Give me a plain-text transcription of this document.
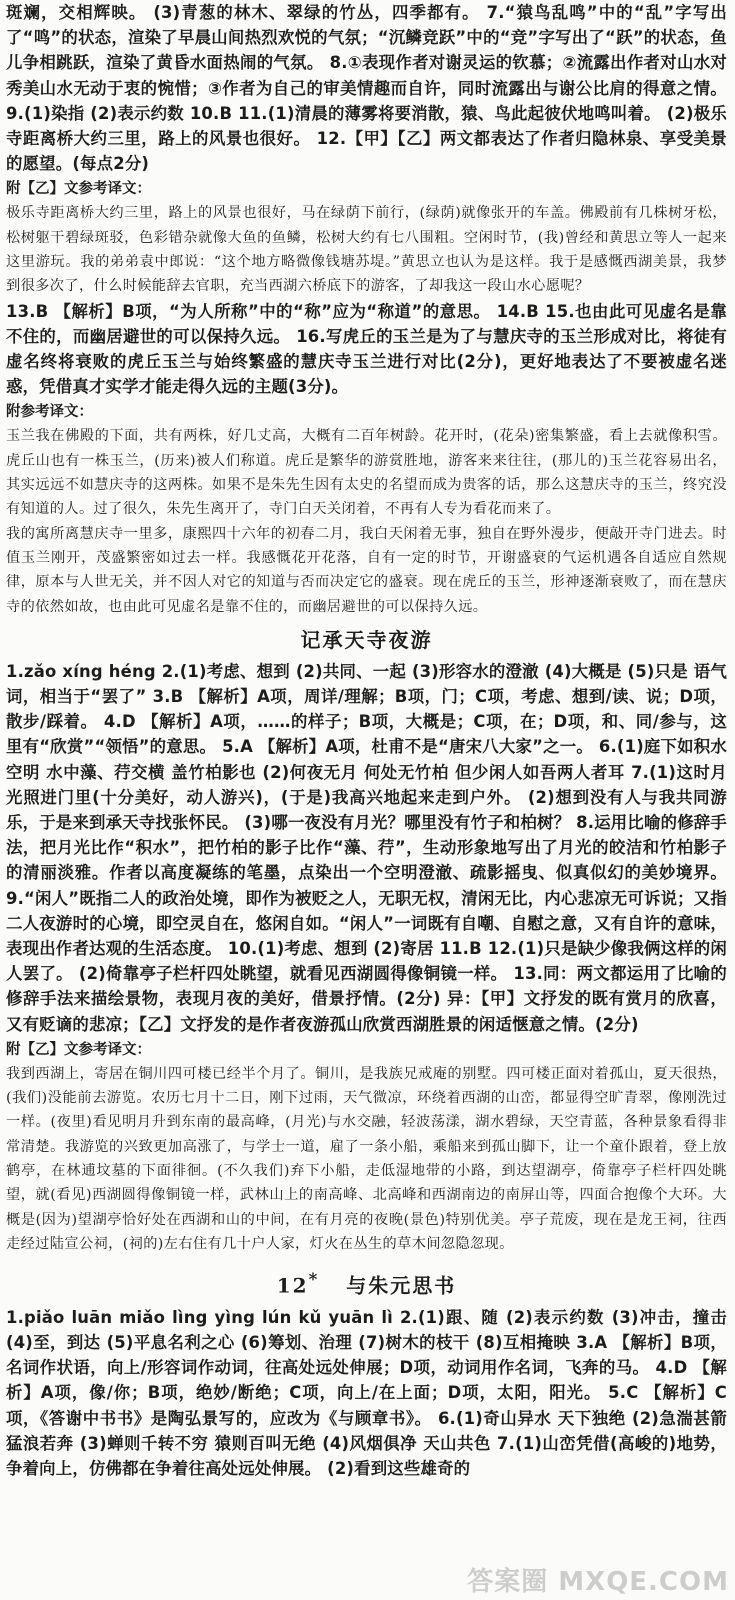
斑斓，交相辉映。 (3)青葱的林木、翠绿的竹丛，四季都有。 7.“猿鸟乱鸣”中的“乱”字写出了“鸣”的状态，渲染了早晨山间热烈欢悦的气氛；“沉鳞竞跃”中的“竞”字写出了“跃”的状态，鱼儿争相跳跃，渲染了黄昏水面热闹的气氛。 8.①表现作者对谢灵运的钦慕；②流露出作者对山水对秀美山水无动于衷的惋惜；③作者为自己的审美情趣而自许，同时流露出与谢公比肩的得意之情。 9.(1)染指 (2)表示约数 10.B 11.(1)清晨的薄雾将要消散，猿、鸟此起彼伏地鸣叫着。 (2)极乐寺距离桥大约三里，路上的风景也很好。 12.【甲】【乙】两文都表达了作者归隐林泉、享受美景的愿望。(每点2分)

附【乙】文参考译文：

极乐寺距离桥大约三里，路上的风景也很好，马在绿荫下前行，(绿荫)就像张开的车盖。佛殿前有几株树牙松，松树躯干碧绿斑驳，色彩错杂就像大鱼的鱼鳞，松树大约有七八围粗。空闲时节，(我)曾经和黄思立等人一起来这里游玩。我的弟弟袁中郎说：“这个地方略微像钱塘苏堤。”黄思立也认为是这样。我于是感慨西湖美景，我梦到很多次了，什么时候能辞去官职，充当西湖六桥底下的游客，了却我这一段山水心愿呢？

13.B 【解析】B项，“为人所称”中的“称”应为“称道”的意思。 14.B 15.也由此可见虚名是靠不住的，而幽居避世的可以保持久远。 16.写虎丘的玉兰是为了与慧庆寺的玉兰形成对比，将徒有虚名终将衰败的虎丘玉兰与始终繁盛的慧庆寺玉兰进行对比(2分)，更好地表达了不要被虚名迷惑，凭借真才实学才能走得久远的主题(3分)。

附参考译文：

玉兰我在佛殿的下面，共有两株，好几丈高，大概有二百年树龄。花开时，(花朵)密集繁盛，看上去就像积雪。虎丘山也有一株玉兰，(历来)被人们称道。虎丘是繁华的游赏胜地，游客来来往往，(那儿的)玉兰花容易出名，其实远远不如慧庆寺的这两株。如果不是朱先生因有太史的名望而成为贵客的话，那么这慧庆寺的玉兰，终究没有知道的人。过了很久，朱先生离开了，寺门白天关闭着，不再有人专为看花而来了。

我的寓所离慧庆寺一里多，康熙四十六年的初春二月，我白天闲着无事，独自在野外漫步，便敲开寺门进去。时值玉兰刚开，茂盛繁密如过去一样。我感慨花开花落，自有一定的时节，开谢盛衰的气运机遇各自适应自然规律，原本与人世无关，并不因人对它的知道与否而决定它的盛衰。现在虎丘的玉兰，形神逐渐衰败了，而在慧庆寺的依然如故，也由此可见虚名是靠不住的，而幽居避世的可以保持久远。

记承天寺夜游

1.zǎo xíng héng 2.(1)考虑、想到 (2)共同、一起 (3)形容水的澄澈 (4)大概是 (5)只是 语气词，相当于“罢了” 3.B 【解析】A项，周详/理解；B项，门；C项，考虑、想到/读、说；D项，散步/踩着。 4.D 【解析】A项，……的样子；B项，大概是；C项，在；D项，和、同/参与，这里有“欣赏”“领悟”的意思。 5.A 【解析】A项，杜甫不是“唐宋八大家”之一。 6.(1)庭下如积水空明 水中藻、荇交横 盖竹柏影也 (2)何夜无月 何处无竹柏 但少闲人如吾两人者耳 7.(1)这时月光照进门里(十分美好，动人游兴)，(于是)我高兴地起来走到户外。 (2)想到没有人与我共同游乐，于是来到承天寺找张怀民。 (3)哪一夜没有月光？哪里没有竹子和柏树？ 8.运用比喻的修辞手法，把月光比作“积水”，把竹柏的影子比作“藻、荇”，生动形象地写出了月光的皎洁和竹柏影子的清丽淡雅。作者以高度凝练的笔墨，点染出一个空明澄澈、疏影摇曳、似真似幻的美妙境界。 9.“闲人”既指二人的政治处境，即作为被贬之人，无职无权，清闲无比，内心悲凉无可诉说；又指二人夜游时的心境，即空灵自在，悠闲自如。“闲人”一词既有自嘲、自慰之意，又有自许的意味，表现出作者达观的生活态度。 10.(1)考虑、想到 (2)寄居 11.B 12.(1)只是缺少像我俩这样的闲人罢了。 (2)倚靠亭子栏杆四处眺望，就看见西湖圆得像铜镜一样。 13.同：两文都运用了比喻的修辞手法来描绘景物，表现月夜的美好，借景抒情。(2分) 异：【甲】文抒发的既有赏月的欣喜，又有贬谪的悲凉；【乙】文抒发的是作者夜游孤山欣赏西湖胜景的闲适惬意之情。(2分)

附【乙】文参考译文：

我到西湖上，寄居在铜川四可楼已经半个月了。铜川，是我族兄戒庵的别墅。四可楼正面对着孤山，夏天很热，(我们)没能前去游览。农历七月十二日，刚下过雨，天气微凉，环绕着西湖的山峦，都显得空旷青翠，像刚洗过一样。(夜里)看见明月升到东南的最高峰，(月光)与水交融，轻波荡漾，湖水碧绿，天空青蓝，各种景象看得非常清楚。我游览的兴致更加高涨了，与学士一道，雇了一条小船，乘船来到孤山脚下，让一个童仆跟着，登上放鹤亭，在林逋坟墓的下面徘徊。(不久我们)弃下小船，走低湿地带的小路，到达望湖亭，倚靠亭子栏杆四处眺望，就(看见)西湖圆得像铜镜一样，武林山上的南高峰、北高峰和西湖南边的南屏山等，四面合抱像个大环。大概是(因为)望湖亭恰好处在西湖和山的中间，在有月亮的夜晚(景色)特别优美。亭子荒废，现在是龙王祠，往西走经过陆宣公祠，(祠的)左右住有几十户人家，灯火在丛生的草木间忽隐忽现。

12* 与朱元思书

1.piǎo luān miǎo lìng yìng lún kǔ yuān lì 2.(1)跟、随 (2)表示约数 (3)冲击，撞击 (4)至，到达 (5)平息名利之心 (6)筹划、治理 (7)树木的枝干 (8)互相掩映 3.A 【解析】B项，名词作状语，向上/形容词作动词，往高处远处伸展；D项，动词用作名词，飞奔的马。 4.D 【解析】A项，像/你；B项，绝妙/断绝；C项，向上/在上面；D项，太阳，阳光。 5.C 【解析】C项，《答谢中书书》是陶弘景写的，应改为《与顾章书》。 6.(1)奇山异水 天下独绝 (2)急湍甚箭 猛浪若奔 (3)蝉则千转不穷 猿则百叫无绝 (4)风烟俱净 天山共色 7.(1)山峦凭借(高峻的)地势，争着向上，仿佛都在争着往高处远处伸展。 (2)看到这些雄奇的

答案圈 MXQE.COM
